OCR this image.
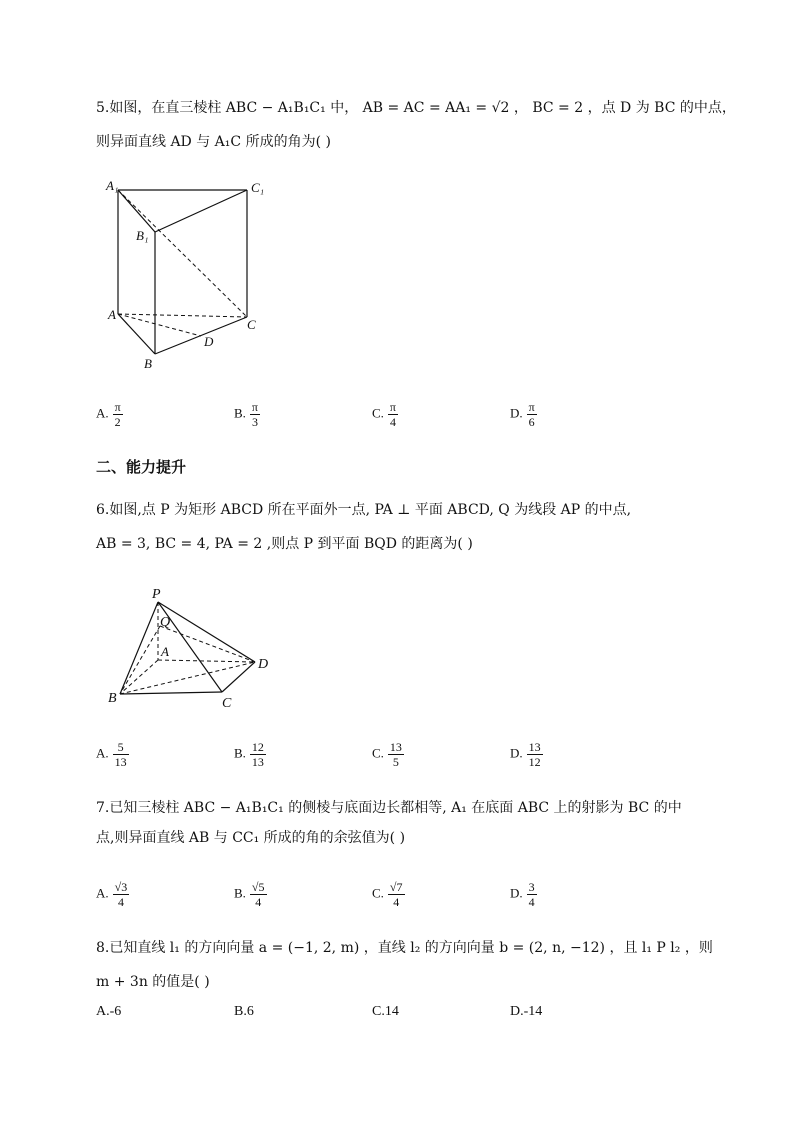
5.如图，在直三棱柱 ABC − A₁B₁C₁ 中， AB = AC = AA₁ = √2 ， BC = 2 ，点 D 为 BC 的中点，
则异面直线 AD 与 A₁C 所成的角为( )
A₁	C₁
B₁
A
C
D
B
A. $\frac{\pi}{2}$	B. $\frac{\pi}{3}$	C. $\frac{\pi}{4}$	D. $\frac{\pi}{6}$
二、能力提升
6.如图,点 P 为矩形 ABCD 所在平面外一点, PA ⊥ 平面 ABCD, Q 为线段 AP 的中点,
AB = 3, BC = 4, PA = 2 ,则点 P 到平面 BQD 的距离为( )
P
Q
A
D
B	C
A. $\frac{5}{13}$	B. $\frac{12}{13}$	C. $\frac{13}{5}$	D. $\frac{13}{12}$
7.已知三棱柱 ABC − A₁B₁C₁ 的侧棱与底面边长都相等, A₁ 在底面 ABC 上的射影为 BC 的中
点,则异面直线 AB 与 CC₁ 所成的角的余弦值为( )
A. $\frac{√3}{4}$	B. $\frac{√5}{4}$	C. $\frac{√7}{4}$	D. $\frac{3}{4}$
8.已知直线 l₁ 的方向向量 a = (−1, 2, m) ，直线 l₂ 的方向向量 b = (2, n, −12) ，且 l₁ P l₂ ，则
m + 3n 的值是( )
A.-6	B.6	C.14	D.-14
